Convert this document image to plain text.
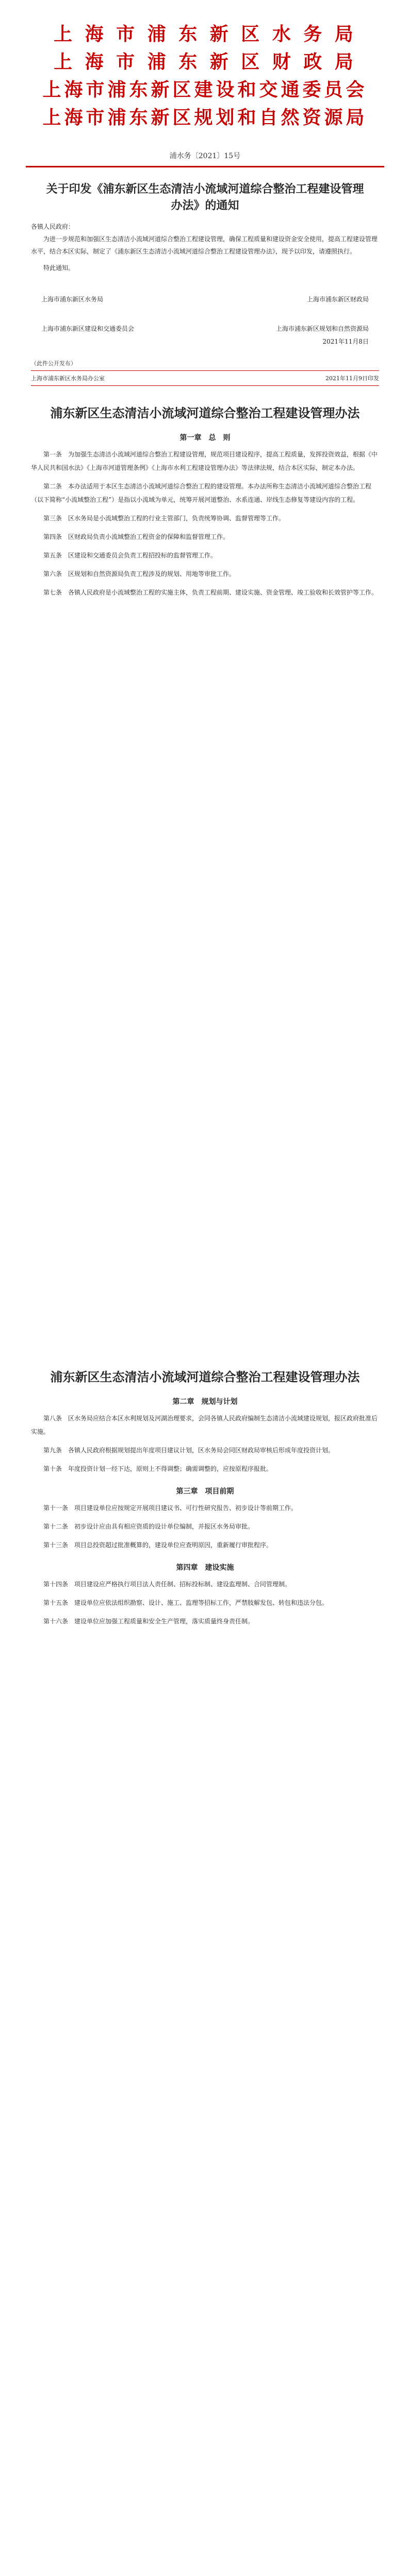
上 海 市 浦 东 新 区 水 务 局

上 海 市 浦 东 新 区 财 政 局

上海市浦东新区建设和交通委员会

上海市浦东新区规划和自然资源局

浦水务〔2021〕15号
关于印发《浦东新区生态清洁小流域河道综合整治工程建设管理办法》的通知
各镇人民政府：

为进一步规范和加强区生态清洁小流域河道综合整治工程建设管理，确保工程质量和建设资金安全使用，提高工程建设管理水平，结合本区实际，制定了《浦东新区生态清洁小流域河道综合整治工程建设管理办法》，现予以印发，请遵照执行。

特此通知。

上海市浦东新区水务局	上海市浦东新区财政局
上海市浦东新区建设和交通委员会	上海市浦东新区规划和自然资源局
2021年11月8日
（此件公开发布）
上海市浦东新区水务局办公室	2021年11月9日印发
浦东新区生态清洁小流域河道综合整治工程建设管理办法
第一章　总　则

第一条　为加强生态清洁小流域河道综合整治工程建设管理，规范项目建设程序，提高工程质量，发挥投资效益，根据《中华人民共和国水法》《上海市河道管理条例》《上海市水利工程建设管理办法》等法律法规，结合本区实际，制定本办法。

第二条　本办法适用于本区生态清洁小流域河道综合整治工程的建设管理。本办法所称生态清洁小流域河道综合整治工程（以下简称“小流域整治工程”）是指以小流域为单元，统筹开展河道整治、水系连通、岸线生态修复等建设内容的工程。

第三条　区水务局是小流域整治工程的行业主管部门，负责统筹协调、监督管理等工作。

第四条　区财政局负责小流域整治工程资金的保障和监督管理工作。

第五条　区建设和交通委员会负责工程招投标的监督管理工作。

第六条　区规划和自然资源局负责工程涉及的规划、用地等审批工作。

第七条　各镇人民政府是小流域整治工程的实施主体，负责工程前期、建设实施、资金管理、竣工验收和长效管护等工作。

浦东新区生态清洁小流域河道综合整治工程建设管理办法
第二章　规划与计划

第八条　区水务局应结合本区水利规划及河湖治理要求，会同各镇人民政府编制生态清洁小流域建设规划，报区政府批准后实施。

第九条　各镇人民政府根据规划提出年度项目建议计划，区水务局会同区财政局审核后形成年度投资计划。

第十条　年度投资计划一经下达，原则上不得调整；确需调整的，应按原程序报批。

第三章　项目前期

第十一条　项目建设单位应按规定开展项目建议书、可行性研究报告、初步设计等前期工作。

第十二条　初步设计应由具有相应资质的设计单位编制，并报区水务局审批。

第十三条　项目总投资超过批准概算的，建设单位应查明原因，重新履行审批程序。

第四章　建设实施

第十四条　项目建设应严格执行项目法人责任制、招标投标制、建设监理制、合同管理制。

第十五条　建设单位应依法组织勘察、设计、施工、监理等招标工作，严禁肢解发包、转包和违法分包。

第十六条　建设单位应加强工程质量和安全生产管理，落实质量终身责任制。
